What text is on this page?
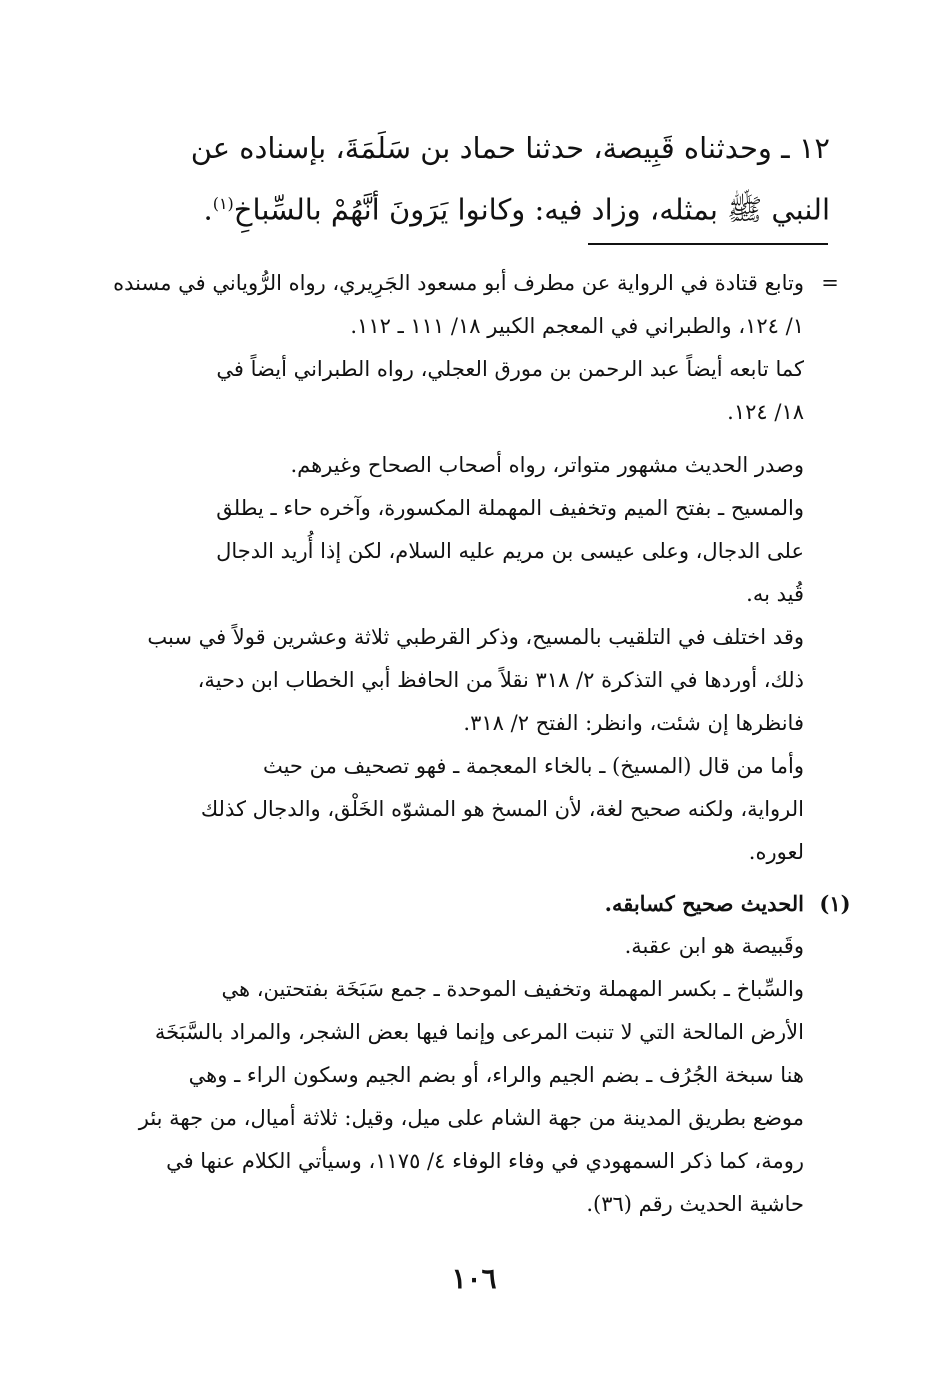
١٢ ـ وحدثناه قَبِيصة، حدثنا حماد بن سَلَمَةَ، بإسناده عن

النبي ﷺ بمثله، وزاد فيه: وكانوا يَرَونَ أنَّهُمْ بالسِّباخِ$^{(١)}$.

=

وتابع قتادة في الرواية عن مطرف أبو مسعود الجَرِيري، رواه الرُّوياني في مسنده

١/ ١٢٤، والطبراني في المعجم الكبير ١٨/ ١١١ ـ ١١٢.

كما تابعه أيضاً عبد الرحمن بن مورق العجلي، رواه الطبراني أيضاً في

١٨/ ١٢٤.

وصدر الحديث مشهور متواتر، رواه أصحاب الصحاح وغيرهم.

والمسيح ـ بفتح الميم وتخفيف المهملة المكسورة، وآخره حاء ـ يطلق

على الدجال، وعلى عيسى بن مريم عليه السلام، لكن إذا أُريد الدجال

قُيد به.

وقد اختلف في التلقيب بالمسيح، وذكر القرطبي ثلاثة وعشرين قولاً في سبب

ذلك، أوردها في التذكرة ٢/ ٣١٨ نقلاً من الحافظ أبي الخطاب ابن دحية،

فانظرها إن شئت، وانظر: الفتح ٢/ ٣١٨.

وأما من قال (المسيخ) ـ بالخاء المعجمة ـ فهو تصحيف من حيث

الرواية، ولكنه صحيح لغة، لأن المسخ هو المشوّه الخَلْق، والدجال كذلك

لعوره.

(١)

الحديث صحيح كسابقه.

وقَبيصة هو ابن عقبة.

والسِّباخ ـ بكسر المهملة وتخفيف الموحدة ـ جمع سَبَخَة بفتحتين، هي

الأرض المالحة التي لا تنبت المرعى وإنما فيها بعض الشجر، والمراد بالسَّبَخَة

هنا سبخة الجُرُف ـ بضم الجيم والراء، أو بضم الجيم وسكون الراء ـ وهي

موضع بطريق المدينة من جهة الشام على ميل، وقيل: ثلاثة أميال، من جهة بئر

رومة، كما ذكر السمهودي في وفاء الوفاء ٤/ ١١٧٥، وسيأتي الكلام عنها في

حاشية الحديث رقم (٣٦).

١٠٦
